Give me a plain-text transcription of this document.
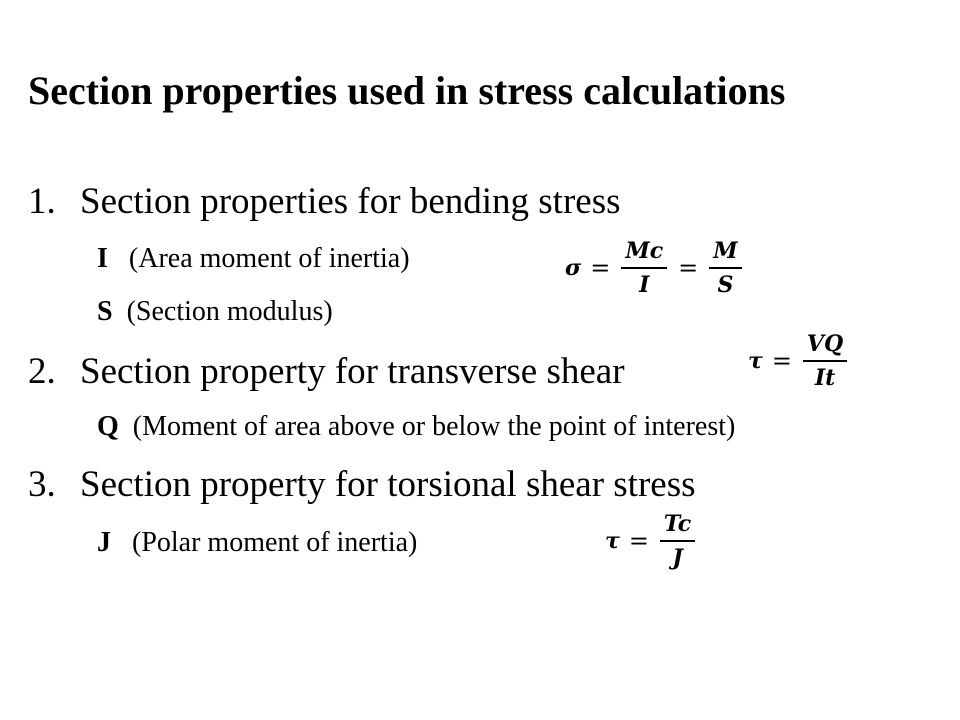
Section properties used in stress calculations
1. Section properties for bending stress
I (Area moment of inertia)
S (Section modulus)
2. Section property for transverse shear
Q (Moment of area above or below the point of interest)
3. Section property for torsional shear stress
J (Polar moment of inertia)
$\sigma = \frac{Mc}{I} = \frac{M}{S}$
$\tau = \frac{VQ}{It}$
$\tau = \frac{Tc}{J}$
